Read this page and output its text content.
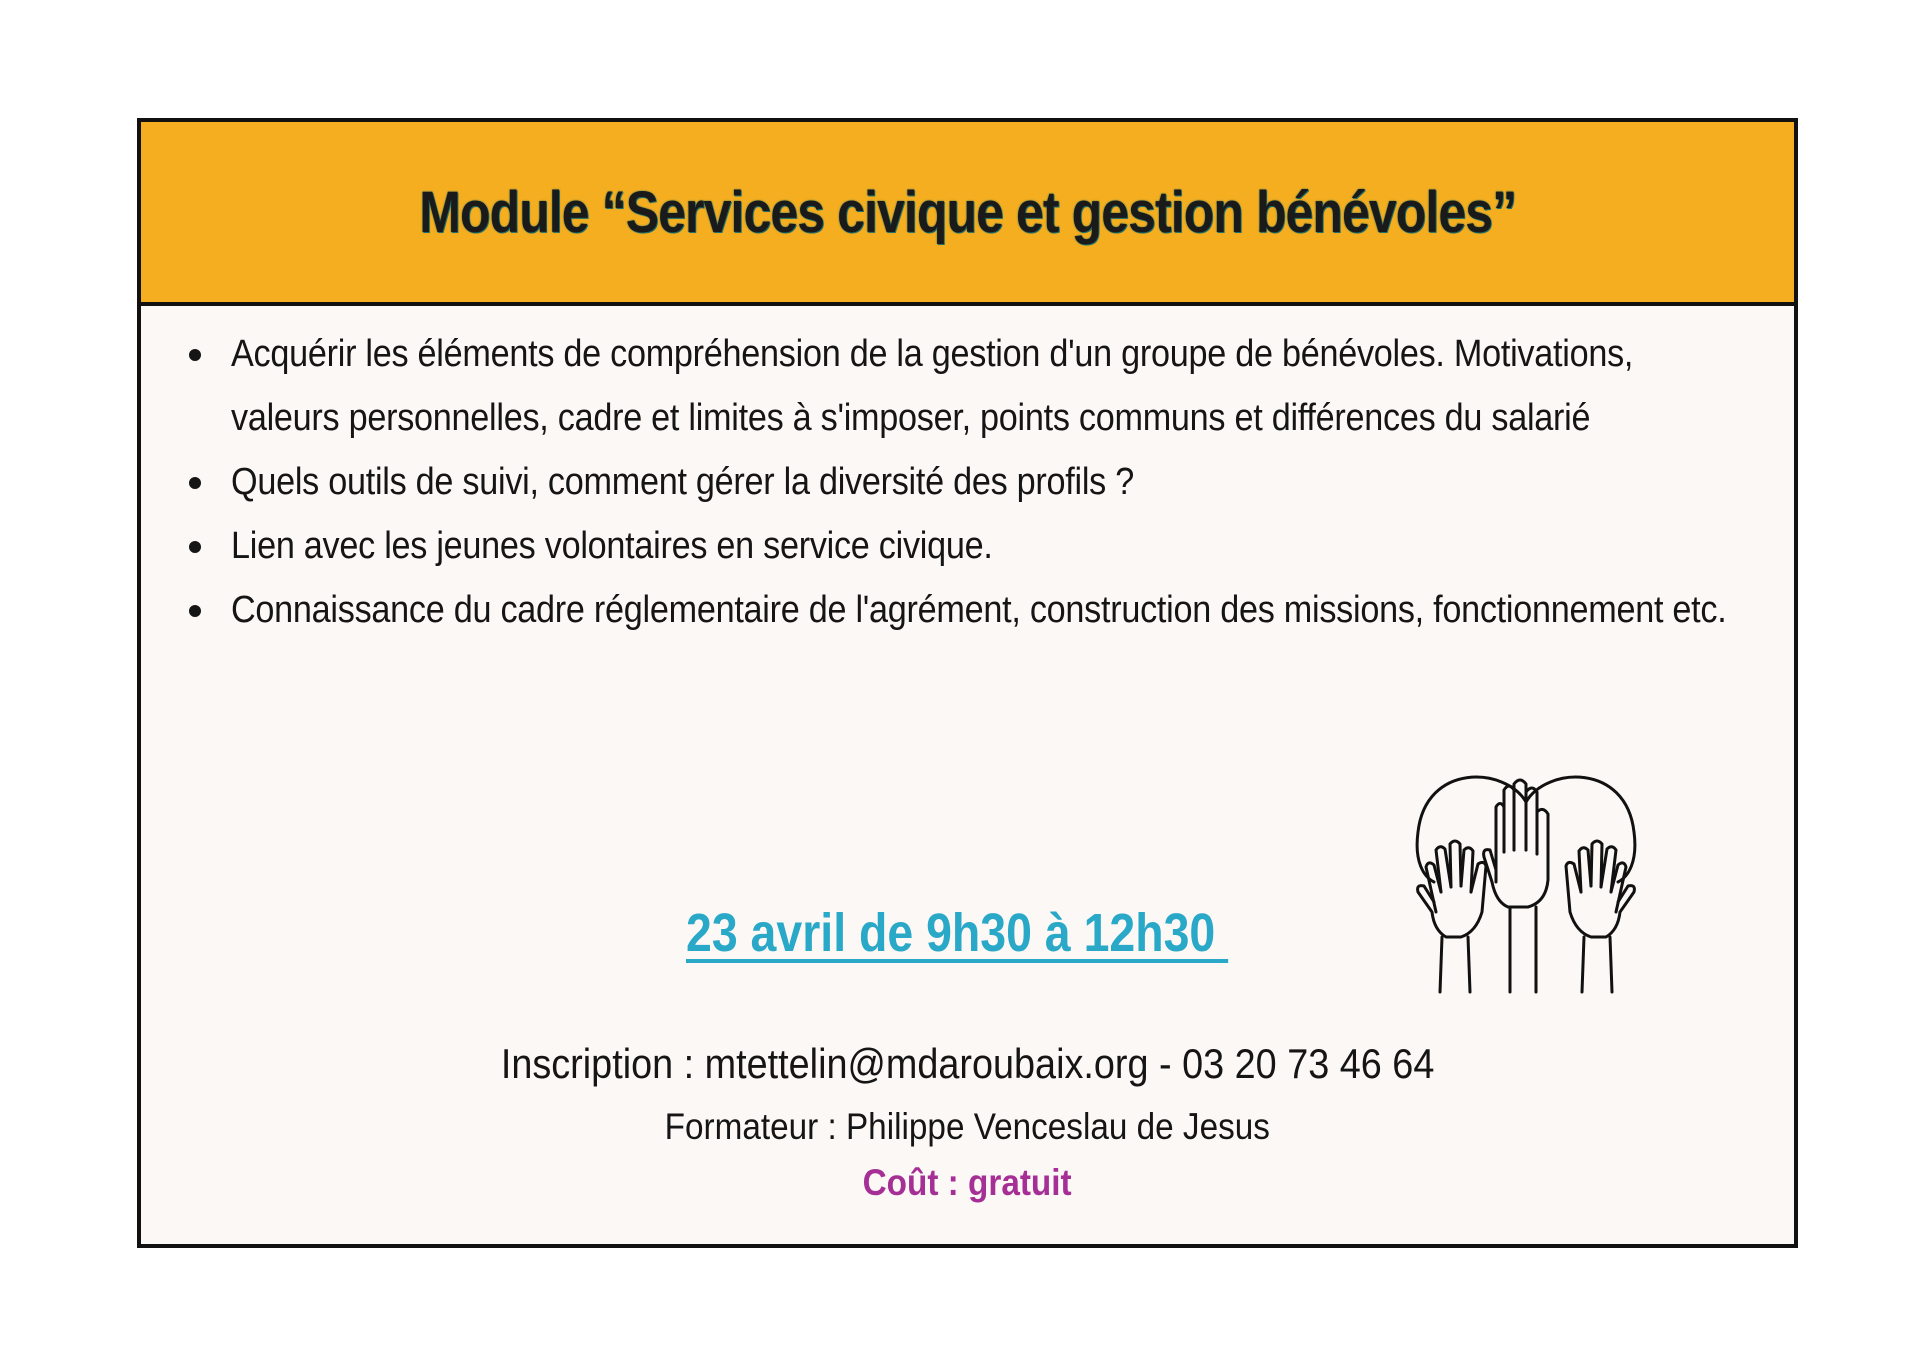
Module “Services civique et gestion bénévoles”
Acquérir les éléments de compréhension de la gestion d'un groupe de bénévoles. Motivations, valeurs personnelles, cadre et limites à s'imposer, points communs et différences du salarié
Quels outils de suivi, comment gérer la diversité des profils ?
Lien avec les jeunes volontaires en service civique.
Connaissance du cadre réglementaire de l'agrément, construction des missions, fonctionnement etc.
23 avril de 9h30 à 12h30
Inscription : mtettelin@mdaroubaix.org - 03 20 73 46 64
Formateur : Philippe Venceslau de Jesus
Coût : gratuit
